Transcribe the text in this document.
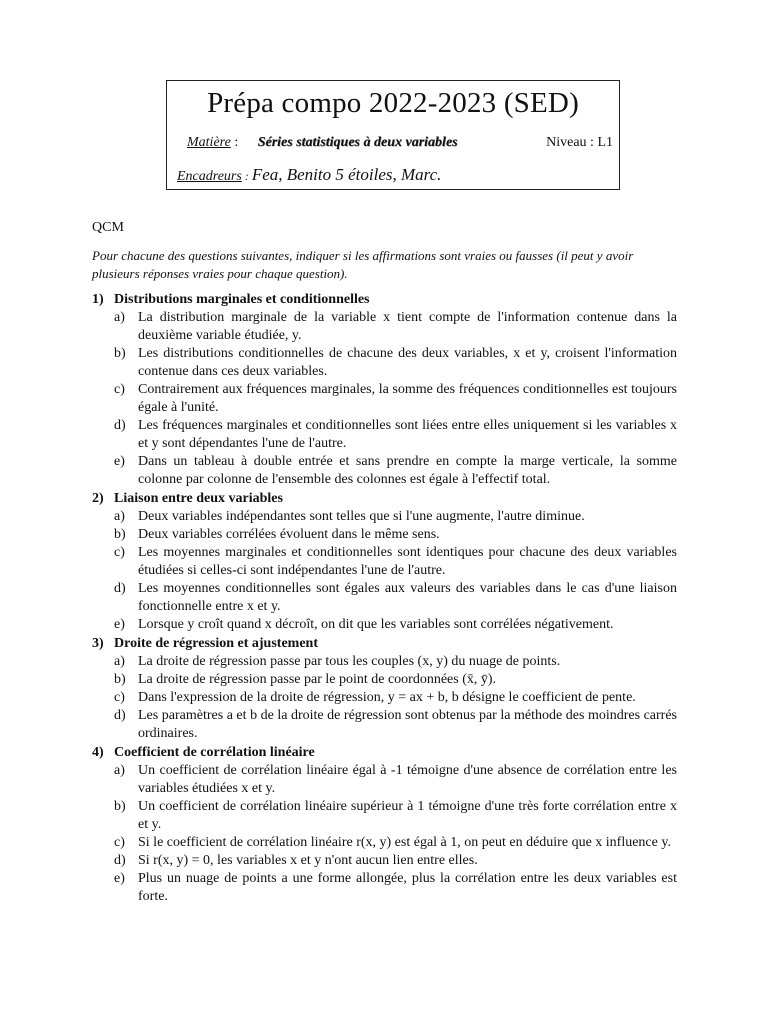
Prépa compo 2022-2023 (SED)
Matière : Séries statistiques à deux variables	Niveau : L1
Encadreurs : Fea, Benito 5 étoiles, Marc.
QCM
Pour chacune des questions suivantes, indiquer si les affirmations sont vraies ou fausses (il peut y avoir plusieurs réponses vraies pour chaque question).
1) Distributions marginales et conditionnelles
a) La distribution marginale de la variable x tient compte de l'information contenue dans la deuxième variable étudiée, y.
b) Les distributions conditionnelles de chacune des deux variables, x et y, croisent l'information contenue dans ces deux variables.
c) Contrairement aux fréquences marginales, la somme des fréquences conditionnelles est toujours égale à l'unité.
d) Les fréquences marginales et conditionnelles sont liées entre elles uniquement si les variables x et y sont dépendantes l'une de l'autre.
e) Dans un tableau à double entrée et sans prendre en compte la marge verticale, la somme colonne par colonne de l'ensemble des colonnes est égale à l'effectif total.
2) Liaison entre deux variables
a) Deux variables indépendantes sont telles que si l'une augmente, l'autre diminue.
b) Deux variables corrélées évoluent dans le même sens.
c) Les moyennes marginales et conditionnelles sont identiques pour chacune des deux variables étudiées si celles-ci sont indépendantes l'une de l'autre.
d) Les moyennes conditionnelles sont égales aux valeurs des variables dans le cas d'une liaison fonctionnelle entre x et y.
e) Lorsque y croît quand x décroît, on dit que les variables sont corrélées négativement.
3) Droite de régression et ajustement
a) La droite de régression passe par tous les couples (x, y) du nuage de points.
b) La droite de régression passe par le point de coordonnées (x̄, ȳ).
c) Dans l'expression de la droite de régression, y = ax + b, b désigne le coefficient de pente.
d) Les paramètres a et b de la droite de régression sont obtenus par la méthode des moindres carrés ordinaires.
4) Coefficient de corrélation linéaire
a) Un coefficient de corrélation linéaire égal à -1 témoigne d'une absence de corrélation entre les variables étudiées x et y.
b) Un coefficient de corrélation linéaire supérieur à 1 témoigne d'une très forte corrélation entre x et y.
c) Si le coefficient de corrélation linéaire r(x, y) est égal à 1, on peut en déduire que x influence y.
d) Si r(x, y) = 0, les variables x et y n'ont aucun lien entre elles.
e) Plus un nuage de points a une forme allongée, plus la corrélation entre les deux variables est forte.
